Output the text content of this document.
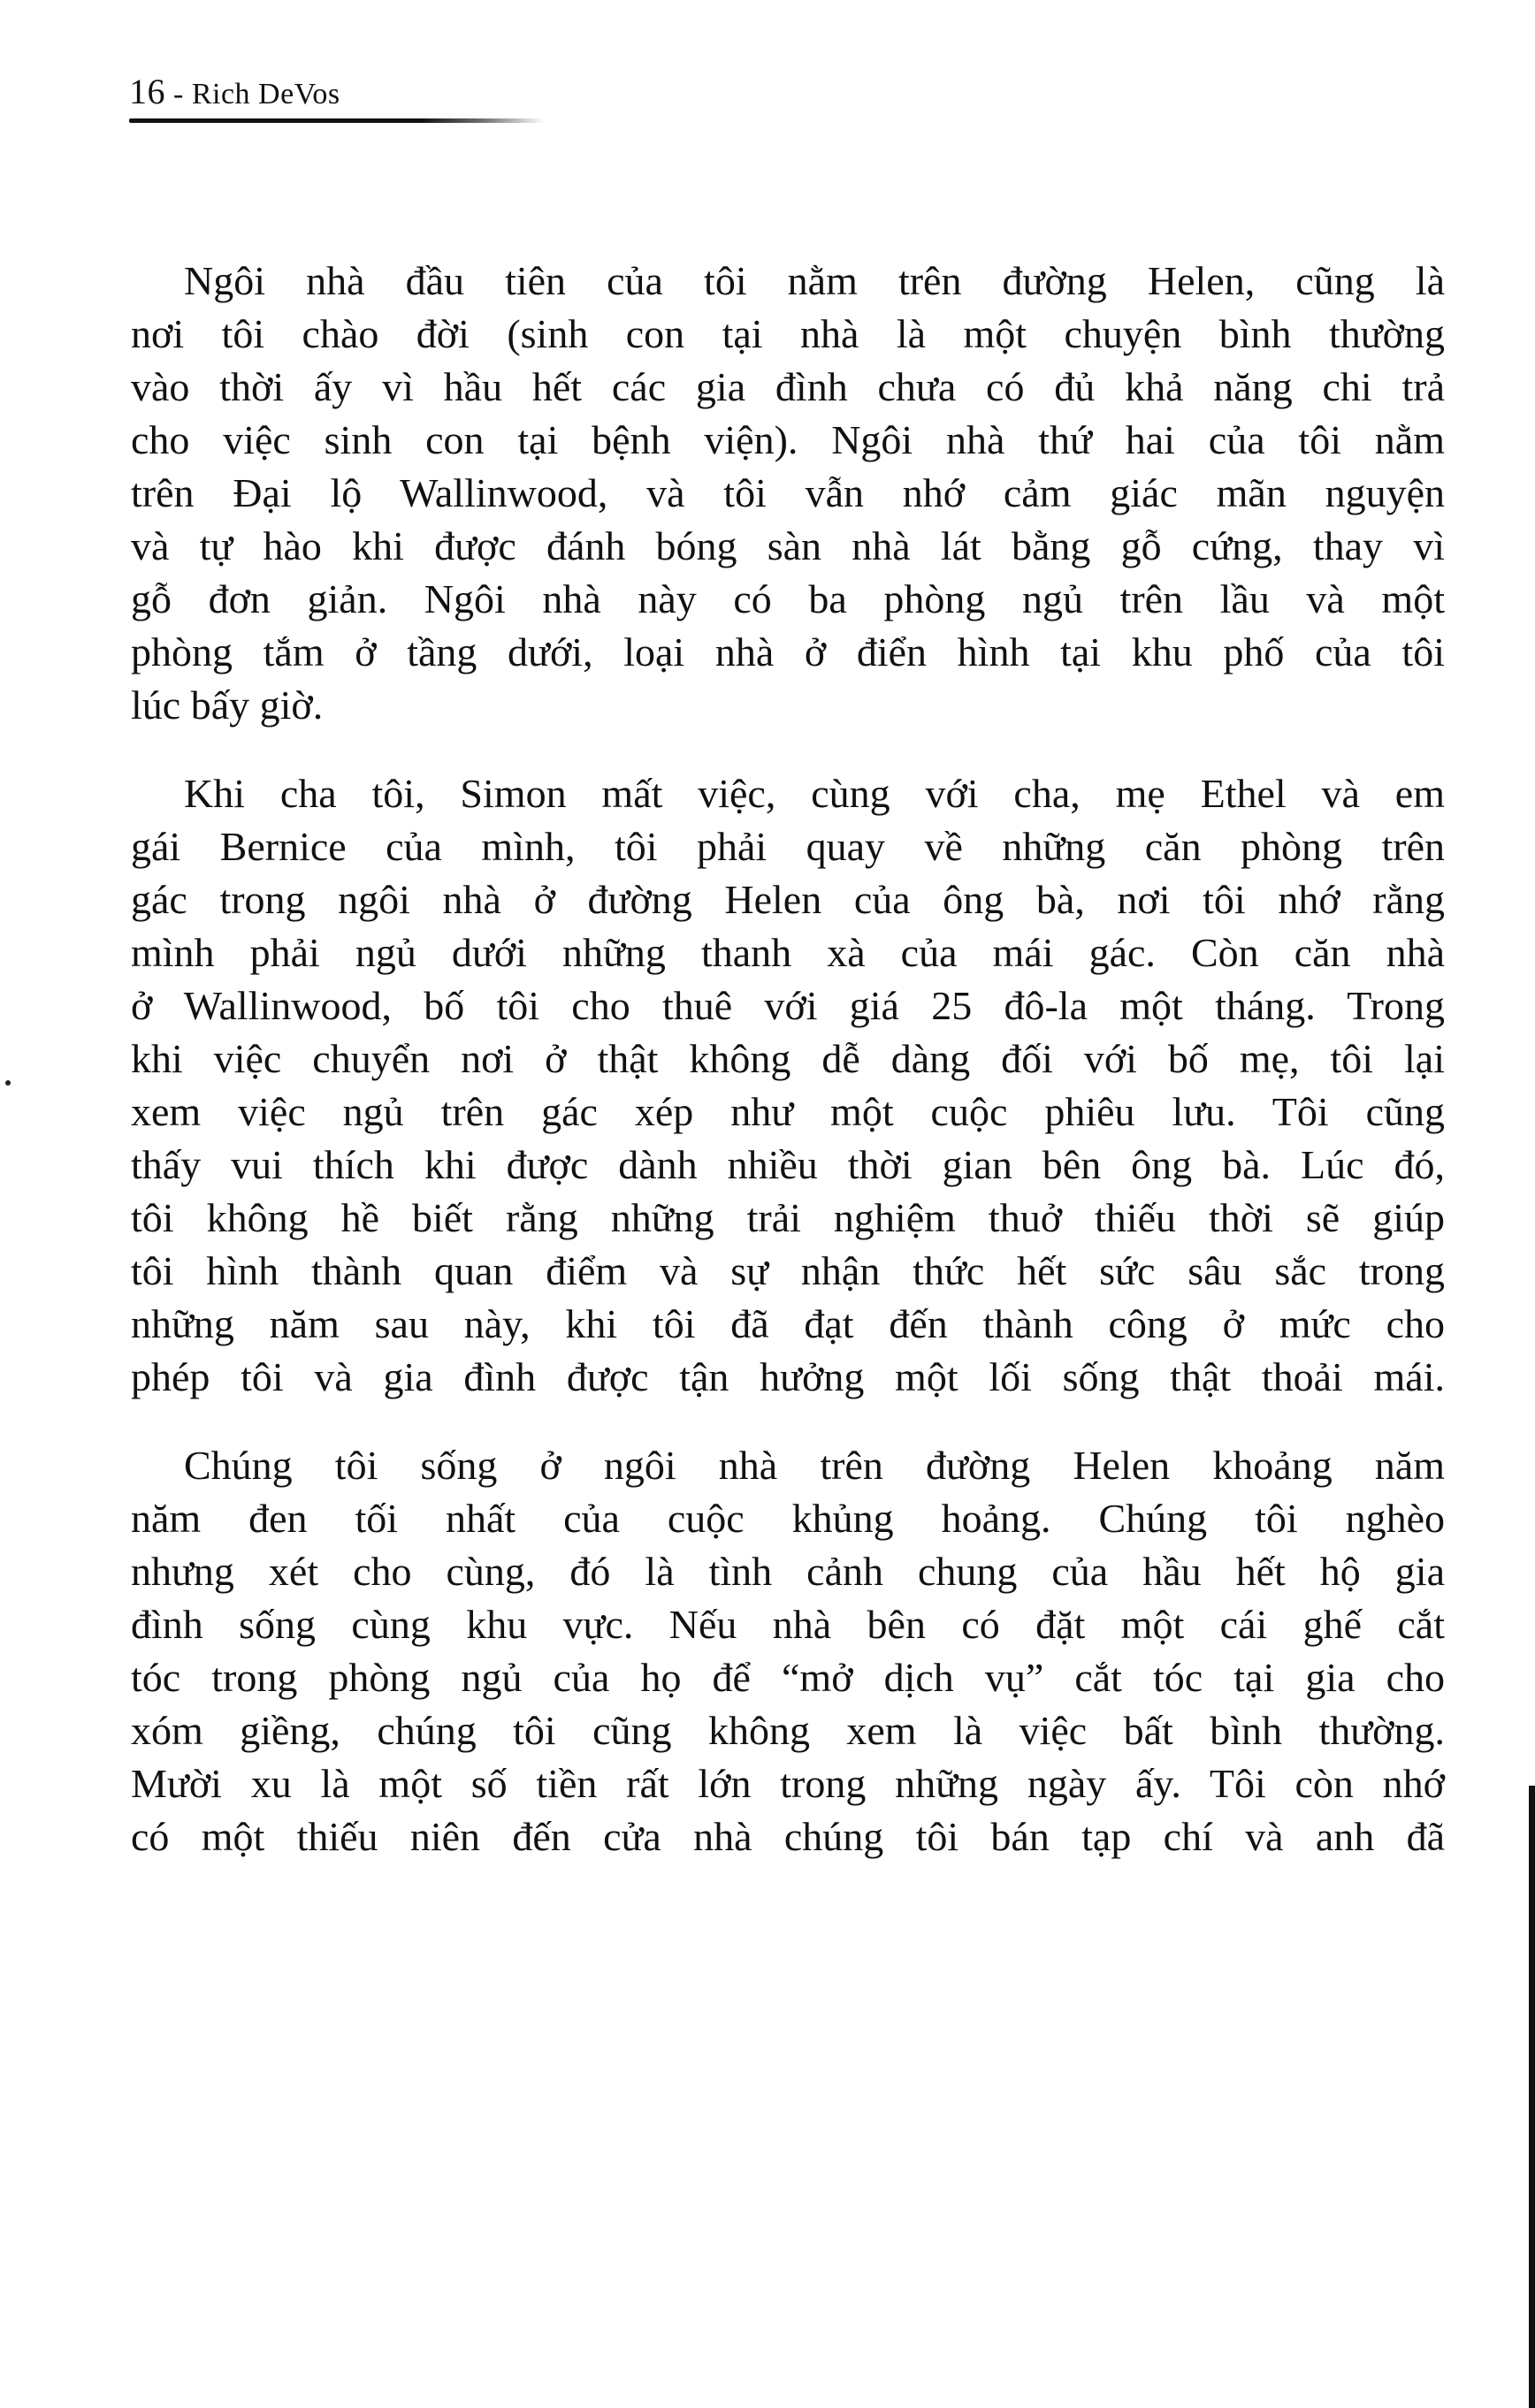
16 - Rich DeVos

Ngôi nhà đầu tiên của tôi nằm trên đường Helen, cũng là
nơi tôi chào đời (sinh con tại nhà là một chuyện bình thường
vào thời ấy vì hầu hết các gia đình chưa có đủ khả năng chi trả
cho việc sinh con tại bệnh viện). Ngôi nhà thứ hai của tôi nằm
trên Đại lộ Wallinwood, và tôi vẫn nhớ cảm giác mãn nguyện
và tự hào khi được đánh bóng sàn nhà lát bằng gỗ cứng, thay vì
gỗ đơn giản. Ngôi nhà này có ba phòng ngủ trên lầu và một
phòng tắm ở tầng dưới, loại nhà ở điển hình tại khu phố của tôi
lúc bấy giờ.

Khi cha tôi, Simon mất việc, cùng với cha, mẹ Ethel và em
gái Bernice của mình, tôi phải quay về những căn phòng trên
gác trong ngôi nhà ở đường Helen của ông bà, nơi tôi nhớ rằng
mình phải ngủ dưới những thanh xà của mái gác. Còn căn nhà
ở Wallinwood, bố tôi cho thuê với giá 25 đô-la một tháng. Trong
khi việc chuyển nơi ở thật không dễ dàng đối với bố mẹ, tôi lại
xem việc ngủ trên gác xép như một cuộc phiêu lưu. Tôi cũng
thấy vui thích khi được dành nhiều thời gian bên ông bà. Lúc đó,
tôi không hề biết rằng những trải nghiệm thuở thiếu thời sẽ giúp
tôi hình thành quan điểm và sự nhận thức hết sức sâu sắc trong
những năm sau này, khi tôi đã đạt đến thành công ở mức cho
phép tôi và gia đình được tận hưởng một lối sống thật thoải mái.

Chúng tôi sống ở ngôi nhà trên đường Helen khoảng năm
năm đen tối nhất của cuộc khủng hoảng. Chúng tôi nghèo
nhưng xét cho cùng, đó là tình cảnh chung của hầu hết hộ gia
đình sống cùng khu vực. Nếu nhà bên có đặt một cái ghế cắt
tóc trong phòng ngủ của họ để “mở dịch vụ” cắt tóc tại gia cho
xóm giềng, chúng tôi cũng không xem là việc bất bình thường.
Mười xu là một số tiền rất lớn trong những ngày ấy. Tôi còn nhớ
có một thiếu niên đến cửa nhà chúng tôi bán tạp chí và anh đã
